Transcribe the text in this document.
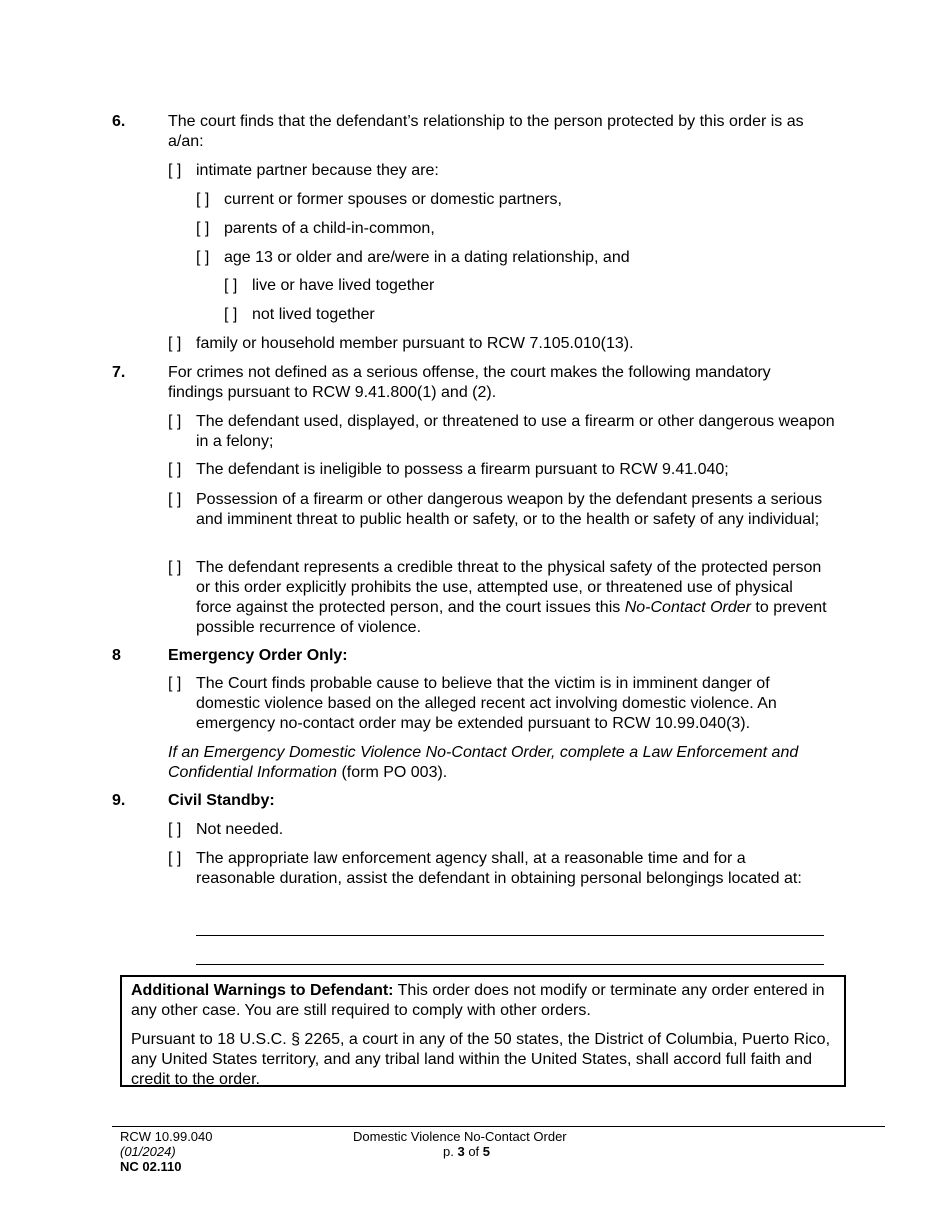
6.	The court finds that the defendant’s relationship to the person protected by this order is as a/an:
[ ] intimate partner because they are:
[ ] current or former spouses or domestic partners,
[ ] parents of a child-in-common,
[ ] age 13 or older and are/were in a dating relationship, and
[ ] live or have lived together
[ ] not lived together
[ ] family or household member pursuant to RCW 7.105.010(13).
7.	For crimes not defined as a serious offense, the court makes the following mandatory findings pursuant to RCW 9.41.800(1) and (2).
[ ] The defendant used, displayed, or threatened to use a firearm or other dangerous weapon in a felony;
[ ] The defendant is ineligible to possess a firearm pursuant to RCW 9.41.040;
[ ] Possession of a firearm or other dangerous weapon by the defendant presents a serious and imminent threat to public health or safety, or to the health or safety of any individual;
[ ] The defendant represents a credible threat to the physical safety of the protected person or this order explicitly prohibits the use, attempted use, or threatened use of physical force against the protected person, and the court issues this No-Contact Order to prevent possible recurrence of violence.
8	Emergency Order Only:
[ ] The Court finds probable cause to believe that the victim is in imminent danger of domestic violence based on the alleged recent act involving domestic violence. An emergency no-contact order may be extended pursuant to RCW 10.99.040(3).
If an Emergency Domestic Violence No-Contact Order, complete a Law Enforcement and Confidential Information (form PO 003).
9.	Civil Standby:
[ ] Not needed.
[ ] The appropriate law enforcement agency shall, at a reasonable time and for a reasonable duration, assist the defendant in obtaining personal belongings located at:
Additional Warnings to Defendant: This order does not modify or terminate any order entered in any other case. You are still required to comply with other orders.
Pursuant to 18 U.S.C. § 2265, a court in any of the 50 states, the District of Columbia, Puerto Rico, any United States territory, and any tribal land within the United States, shall accord full faith and credit to the order.
RCW 10.99.040
(01/2024)
NC 02.110
Domestic Violence No-Contact Order
p. 3 of 5
